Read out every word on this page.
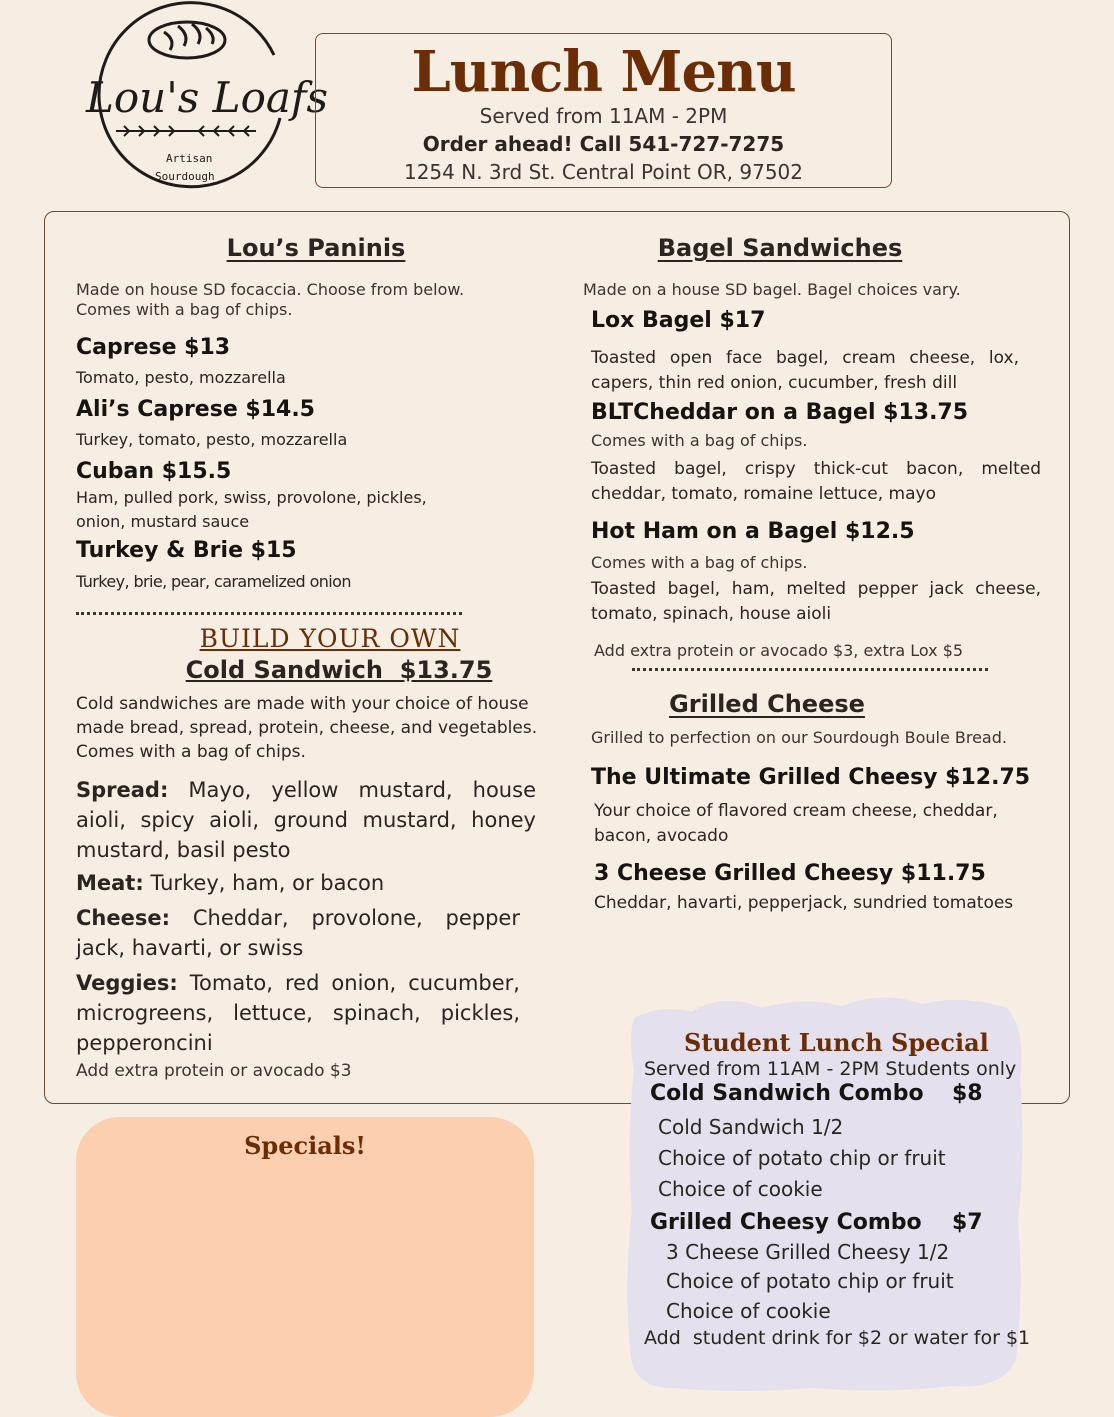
Lou's Loafs
Artisan
Sourdough
Lunch Menu
Served from 11AM - 2PM
Order ahead! Call 541-727-7275
1254 N. 3rd St. Central Point OR, 97502
Lou’s Paninis
Made on house SD focaccia. Choose from below.
Comes with a bag of chips.
Caprese $13
Tomato, pesto, mozzarella
Ali’s Caprese $14.5
Turkey, tomato, pesto, mozzarella
Cuban $15.5
Ham, pulled pork, swiss, provolone, pickles, onion, mustard sauce
Turkey & Brie $15
Turkey, brie, pear, caramelized onion
BUILD YOUR OWN
Cold Sandwich  $13.75
Cold sandwiches are made with your choice of house made bread, spread, protein, cheese, and vegetables. Comes with a bag of chips.
Spread: Mayo, yellow mustard, house aioli, spicy aioli, ground mustard, honey mustard, basil pesto
Meat: Turkey, ham, or bacon
Cheese: Cheddar, provolone, pepper jack, havarti, or swiss
Veggies: Tomato, red onion, cucumber, microgreens, lettuce, spinach, pickles, pepperoncini
Add extra protein or avocado $3
Bagel Sandwiches
Made on a house SD bagel. Bagel choices vary.
Lox Bagel $17
Toasted open face bagel, cream cheese, lox, capers, thin red onion, cucumber, fresh dill
BLTCheddar on a Bagel $13.75
Comes with a bag of chips.
Toasted bagel, crispy thick-cut bacon, melted cheddar, tomato, romaine lettuce, mayo
Hot Ham on a Bagel $12.5
Comes with a bag of chips.
Toasted bagel, ham, melted pepper jack cheese, tomato, spinach, house aioli
Add extra protein or avocado $3, extra Lox $5
Grilled Cheese
Grilled to perfection on our Sourdough Boule Bread.
The Ultimate Grilled Cheesy $12.75
Your choice of flavored cream cheese, cheddar, bacon, avocado
3 Cheese Grilled Cheesy $11.75
Cheddar, havarti, pepperjack, sundried tomatoes
Specials!
Student Lunch Special
Served from 11AM - 2PM Students only
Cold Sandwich Combo $8
Cold Sandwich 1/2
Choice of potato chip or fruit
Choice of cookie
Grilled Cheesy Combo $7
3 Cheese Grilled Cheesy 1/2
Choice of potato chip or fruit
Choice of cookie
Add  student drink for $2 or water for $1
